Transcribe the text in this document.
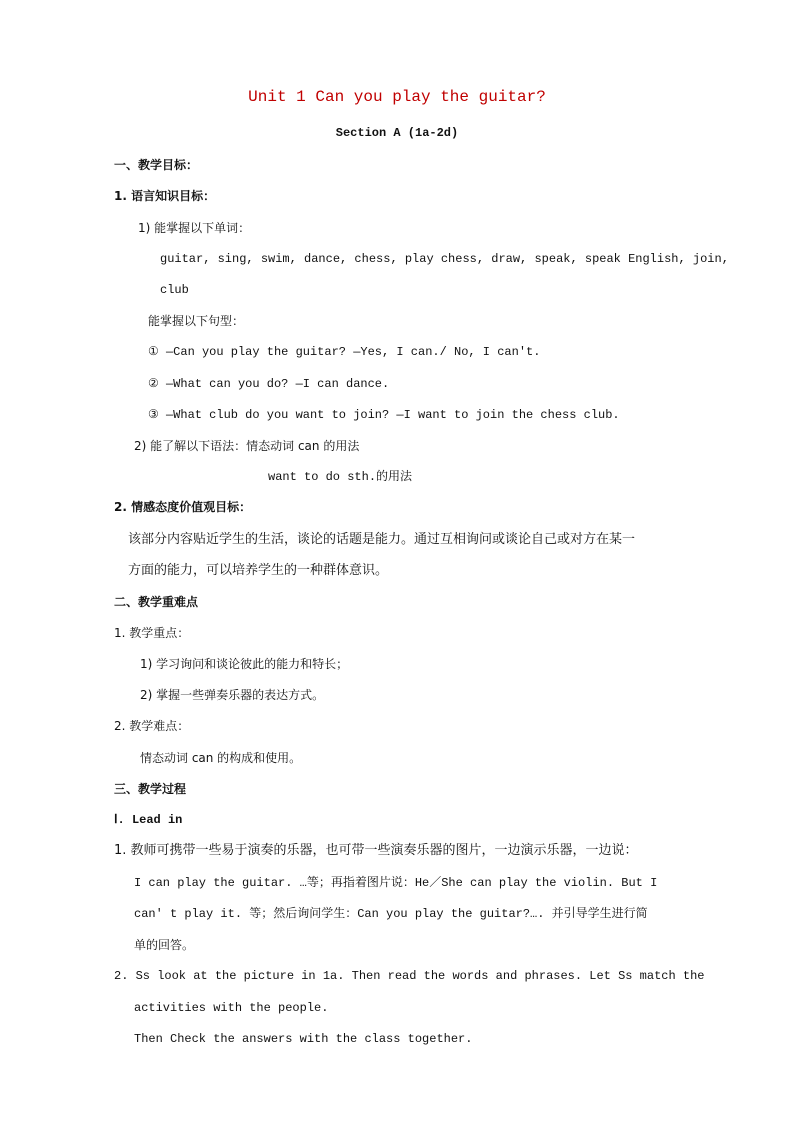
Unit 1 Can you play the guitar?
Section A (1a-2d)
一、教学目标：
1. 语言知识目标：
1) 能掌握以下单词：
guitar, sing, swim, dance, chess, play chess, draw, speak, speak English, join,
club
能掌握以下句型：
① —Can you play the guitar? —Yes, I can./ No, I can't.
② —What can you do? —I can dance.
③ —What club do you want to join? —I want to join the chess club.
2) 能了解以下语法：情态动词 can 的用法
want to do sth.的用法
2. 情感态度价值观目标：
该部分内容贴近学生的生活，谈论的话题是能力。通过互相询问或谈论自己或对方在某一
方面的能力，可以培养学生的一种群体意识。
二、教学重难点
1. 教学重点：
1) 学习询问和谈论彼此的能力和特长；
2) 掌握一些弹奏乐器的表达方式。
2. 教学难点：
情态动词 can 的构成和使用。
三、教学过程
Ⅰ. Lead in
1. 教师可携带一些易于演奏的乐器，也可带一些演奏乐器的图片，一边演示乐器，一边说：
I can play the guitar. …等；再指着图片说：He／She can play the violin. But I
can' t play it. 等；然后询问学生：Can you play the guitar?…. 并引导学生进行简
单的回答。
2. Ss look at the picture in 1a. Then read the words and phrases. Let Ss match the
activities with the people.
Then Check the answers with the class together.
